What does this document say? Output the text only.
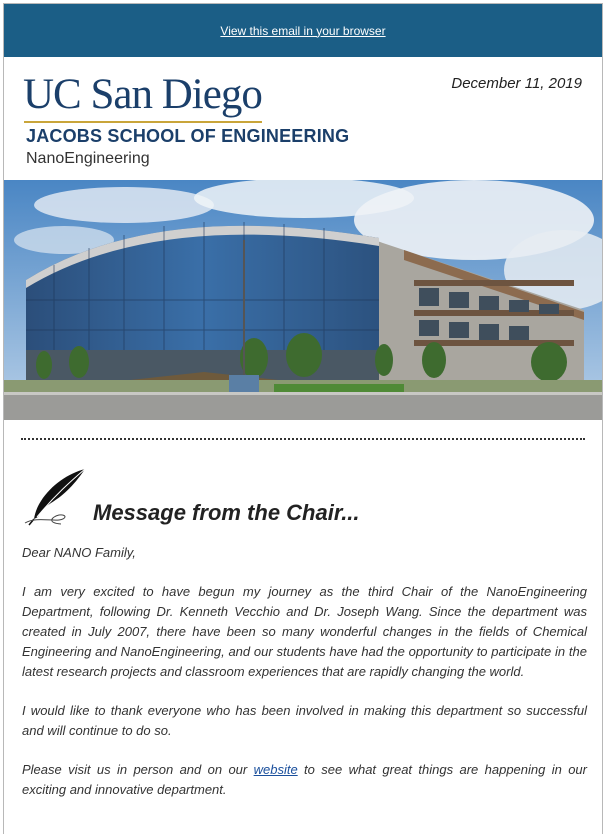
View this email in your browser
UC San Diego
JACOBS SCHOOL OF ENGINEERING
NanoEngineering
December 11, 2019
Message from the Chair...

Dear NANO Family,

I am very excited to have begun my journey as the third Chair of the NanoEngineering Department, following Dr. Kenneth Vecchio and Dr. Joseph Wang. Since the department was created in July 2007, there have been so many wonderful changes in the fields of Chemical Engineering and NanoEngineering, and our students have had the opportunity to participate in the latest research projects and classroom experiences that are rapidly changing the world.

I would like to thank everyone who has been involved in making this department so successful and will continue to do so.

Please visit us in person and on our website to see what great things are happening in our exciting and innovative department.
